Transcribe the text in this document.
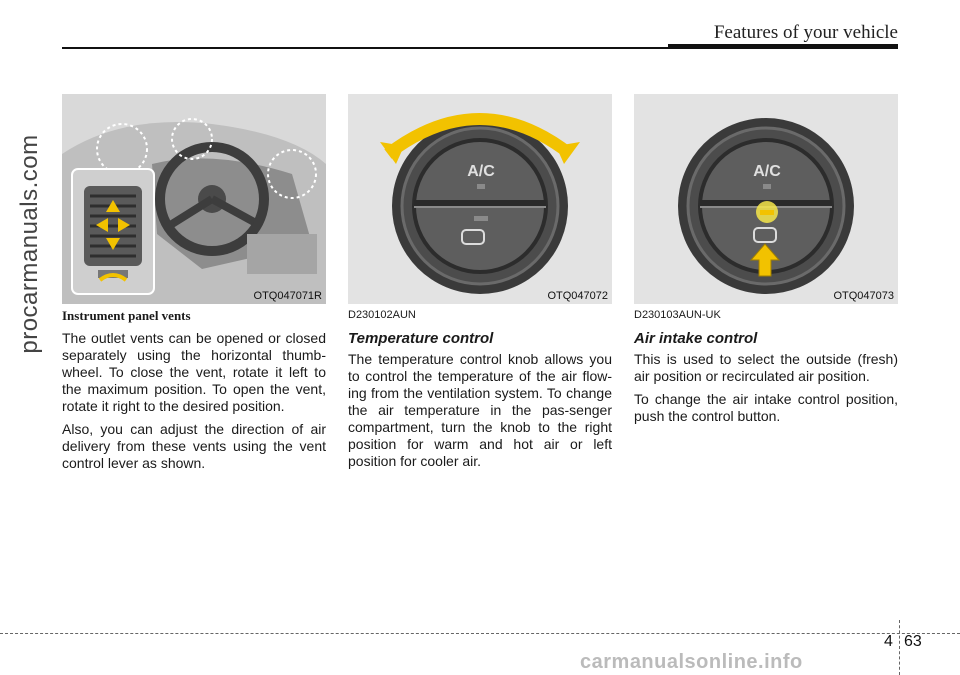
Features of your vehicle
procarmanuals.com	OTQ047071R
A/C
OTQ047072
A/C
OTQ047073
Instrument panel vents

The outlet vents can be opened or closed separately using the horizontal thumb-wheel. To close the vent, rotate it left to the maximum position. To open the vent, rotate it right to the desired position.

Also, you can adjust the direction of air delivery from these vents using the vent control lever as shown.

D230102AUN
Temperature control

The temperature control knob allows you to control the temperature of the air flow-ing from the ventilation system. To change the air temperature in the pas-senger compartment, turn the knob to the right position for warm and hot air or left position for cooler air.

D230103AUN-UK
Air intake control

This is used to select the outside (fresh) air position or recirculated air position.

To change the air intake control position, push the control button.

4 63
carmanualsonline.info
